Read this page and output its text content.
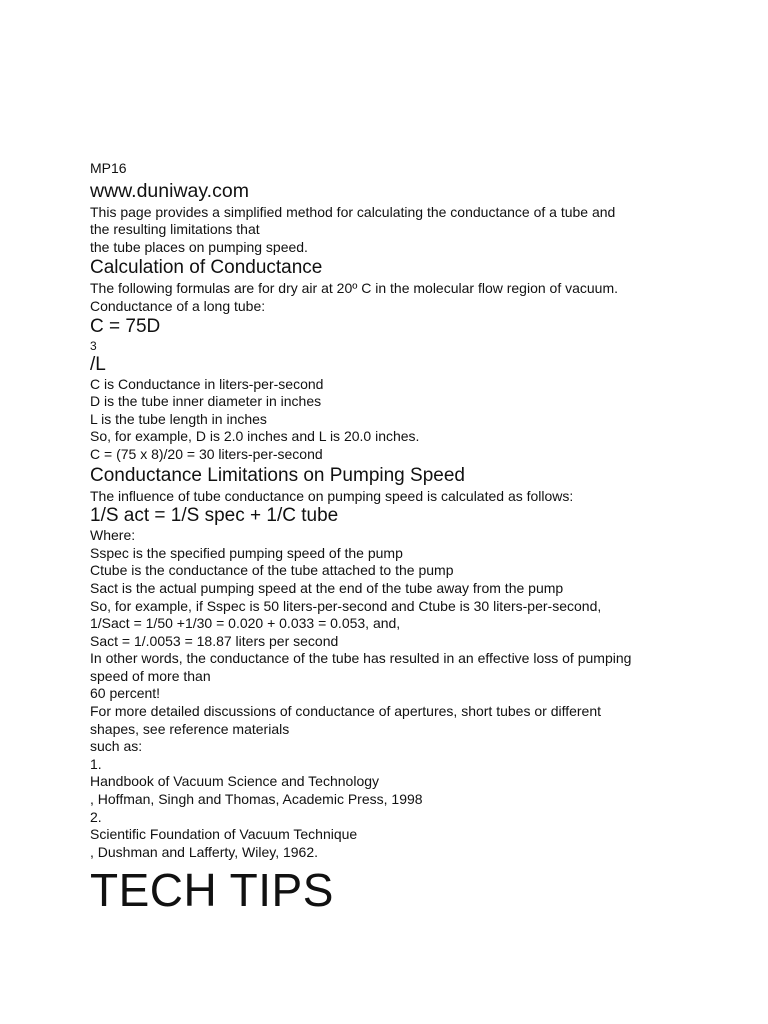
MP16

www.duniway.com

This page provides a simplified method for calculating the conductance of a tube and

the resulting limitations that

the tube places on pumping speed.

Calculation of Conductance

The following formulas are for dry air at 20º C in the molecular flow region of vacuum.

Conductance of a long tube:

C = 75D

3

/L

C is Conductance in liters-per-second

D is the tube inner diameter in inches

L is the tube length in inches

So, for example, D is 2.0 inches and L is 20.0 inches.

C = (75 x 8)/20 = 30 liters-per-second

Conductance Limitations on Pumping Speed

The influence of tube conductance on pumping speed is calculated as follows:

1/S act = 1/S spec + 1/C tube

Where:

Sspec is the specified pumping speed of the pump

Ctube is the conductance of the tube attached to the pump

Sact is the actual pumping speed at the end of the tube away from the pump

So, for example, if Sspec is 50 liters-per-second and Ctube is 30 liters-per-second,

1/Sact = 1/50 +1/30 = 0.020 + 0.033 = 0.053, and,

Sact = 1/.0053 = 18.87 liters per second

In other words, the conductance of the tube has resulted in an effective loss of pumping

speed of more than

60 percent!

For more detailed discussions of conductance of apertures, short tubes or different

shapes, see reference materials

such as:

1.

Handbook of Vacuum Science and Technology

, Hoffman, Singh and Thomas, Academic Press, 1998

2.

Scientific Foundation of Vacuum Technique

, Dushman and Lafferty, Wiley, 1962.

TECH TIPS
